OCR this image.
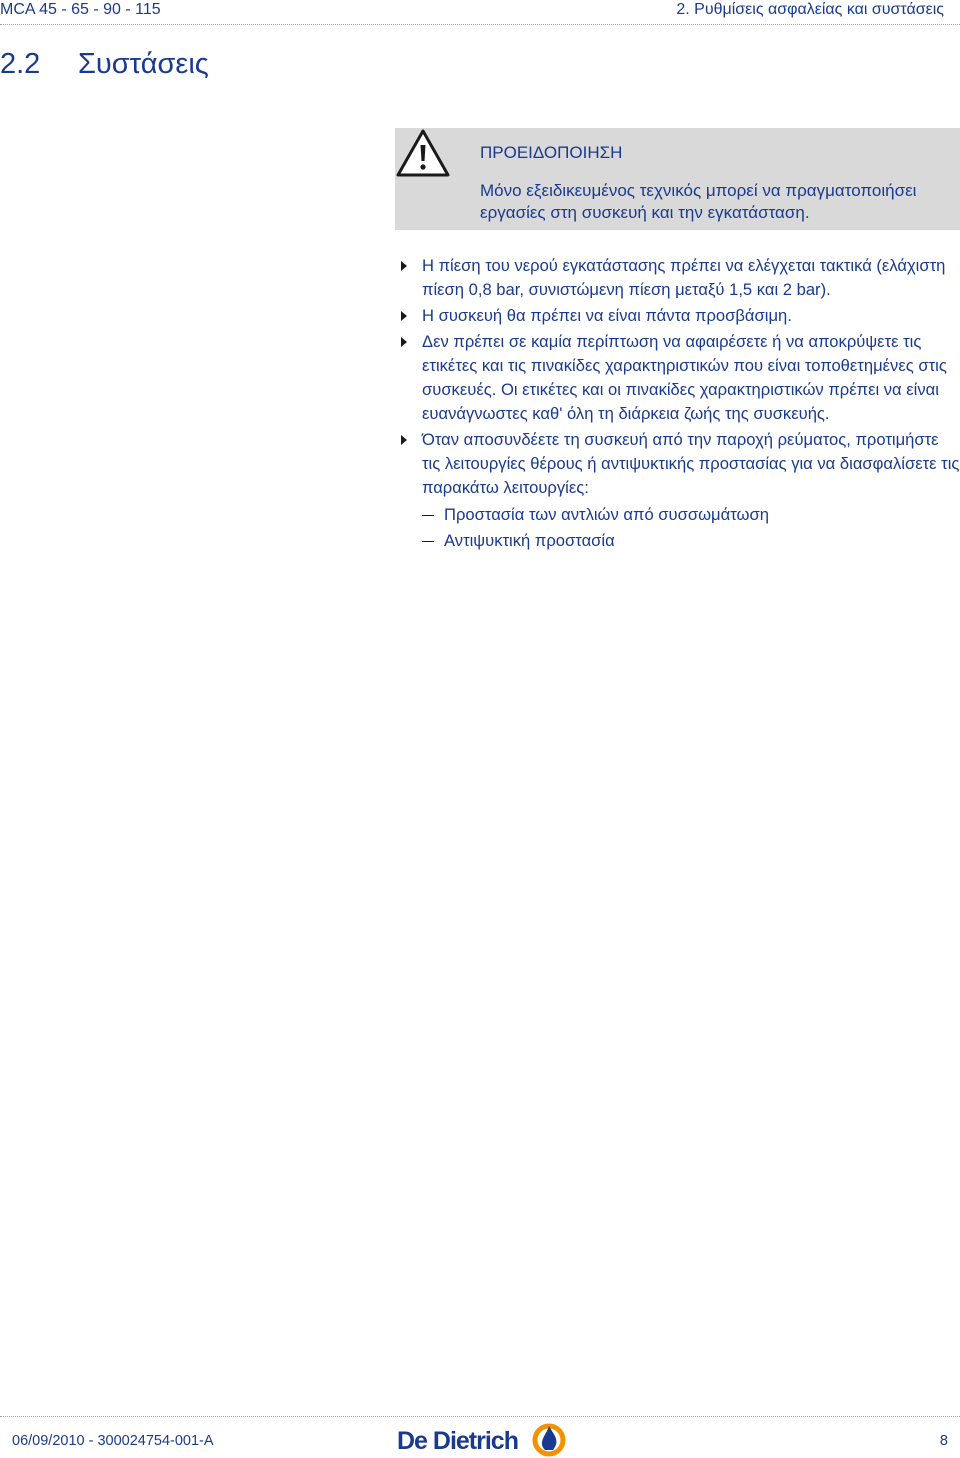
MCA 45 - 65 - 90 - 115	2. Ρυθμίσεις ασφαλείας και συστάσεις
2.2 Συστάσεις
ΠΡΟΕΙΔΟΠΟΙΗΣΗ
Μόνο εξειδικευμένος τεχνικός μπορεί να πραγματοποιήσει εργασίες στη συσκευή και την εγκατάσταση.
Η πίεση του νερού εγκατάστασης πρέπει να ελέγχεται τακτικά (ελάχιστη πίεση 0,8 bar, συνιστώμενη πίεση μεταξύ 1,5 και 2 bar).
Η συσκευή θα πρέπει να είναι πάντα προσβάσιμη.
Δεν πρέπει σε καμία περίπτωση να αφαιρέσετε ή να αποκρύψετε τις ετικέτες και τις πινακίδες χαρακτηριστικών που είναι τοποθετημένες στις συσκευές. Οι ετικέτες και οι πινακίδες χαρακτηριστικών πρέπει να είναι ευανάγνωστες καθ' όλη τη διάρκεια ζωής της συσκευής.
Όταν αποσυνδέετε τη συσκευή από την παροχή ρεύματος, προτιμήστε τις λειτουργίες θέρους ή αντιψυκτικής προστασίας για να διασφαλίσετε τις παρακάτω λειτουργίες:
Προστασία των αντλιών από συσσωμάτωση
Αντιψυκτική προστασία
06/09/2010 - 300024754-001-A	De Dietrich	8
